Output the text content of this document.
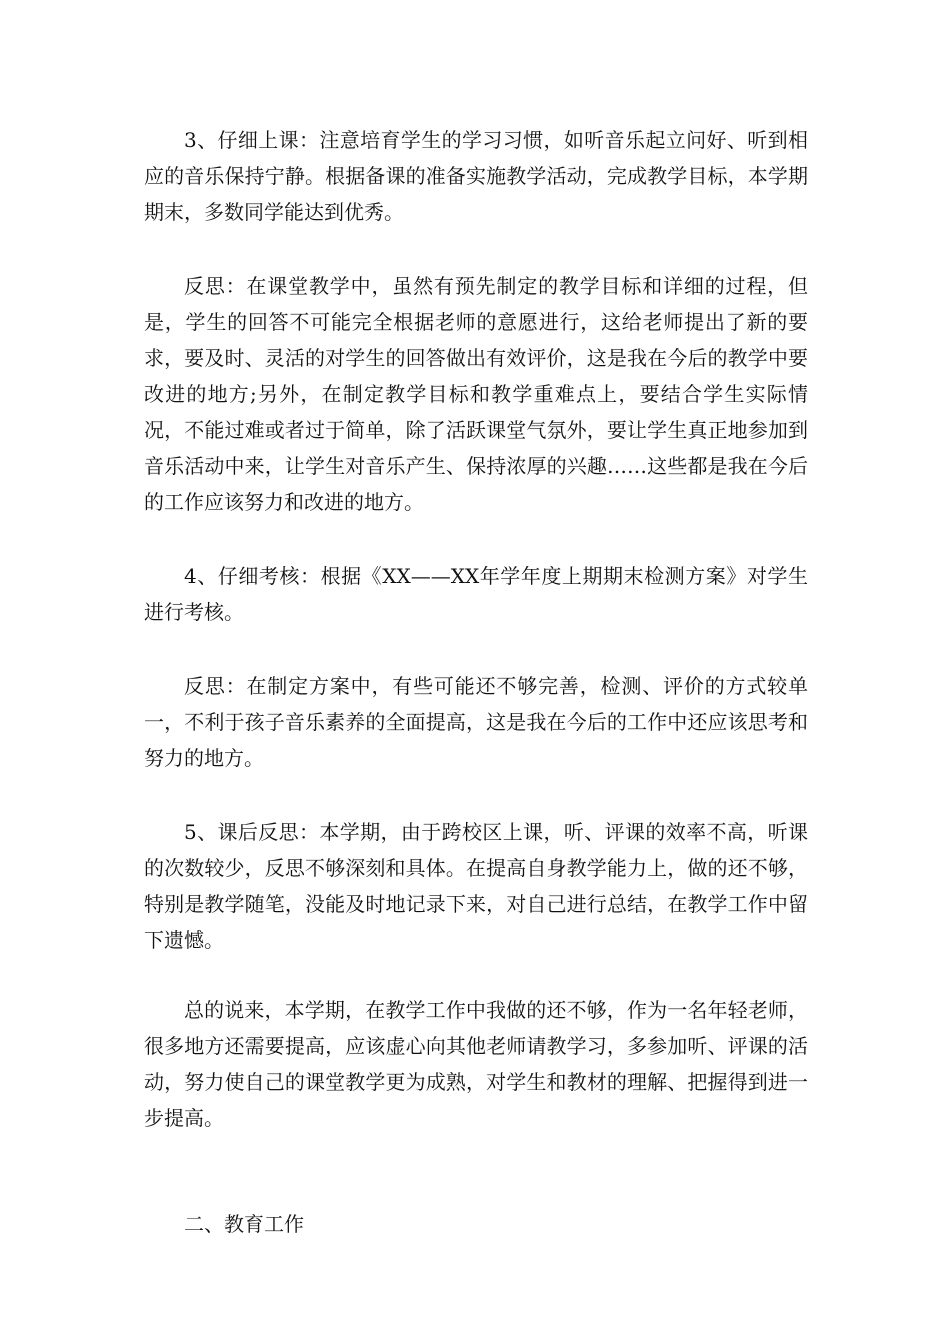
3、仔细上课：注意培育学生的学习习惯，如听音乐起立问好、听到相应的音乐保持宁静。根据备课的准备实施教学活动，完成教学目标，本学期期末，多数同学能达到优秀。

反思：在课堂教学中，虽然有预先制定的教学目标和详细的过程，但是，学生的回答不可能完全根据老师的意愿进行，这给老师提出了新的要求，要及时、灵活的对学生的回答做出有效评价，这是我在今后的教学中要改进的地方;另外，在制定教学目标和教学重难点上，要结合学生实际情况，不能过难或者过于简单，除了活跃课堂气氛外，要让学生真正地参加到音乐活动中来，让学生对音乐产生、保持浓厚的兴趣……这些都是我在今后的工作应该努力和改进的地方。

4、仔细考核：根据《XX——XX年学年度上期期末检测方案》对学生进行考核。

反思：在制定方案中，有些可能还不够完善，检测、评价的方式较单一，不利于孩子音乐素养的全面提高，这是我在今后的工作中还应该思考和努力的地方。

5、课后反思：本学期，由于跨校区上课，听、评课的效率不高，听课的次数较少，反思不够深刻和具体。在提高自身教学能力上，做的还不够，特别是教学随笔，没能及时地记录下来，对自己进行总结，在教学工作中留下遗憾。

总的说来，本学期，在教学工作中我做的还不够，作为一名年轻老师，很多地方还需要提高，应该虚心向其他老师请教学习，多参加听、评课的活动，努力使自己的课堂教学更为成熟，对学生和教材的理解、把握得到进一步提高。

二、教育工作
